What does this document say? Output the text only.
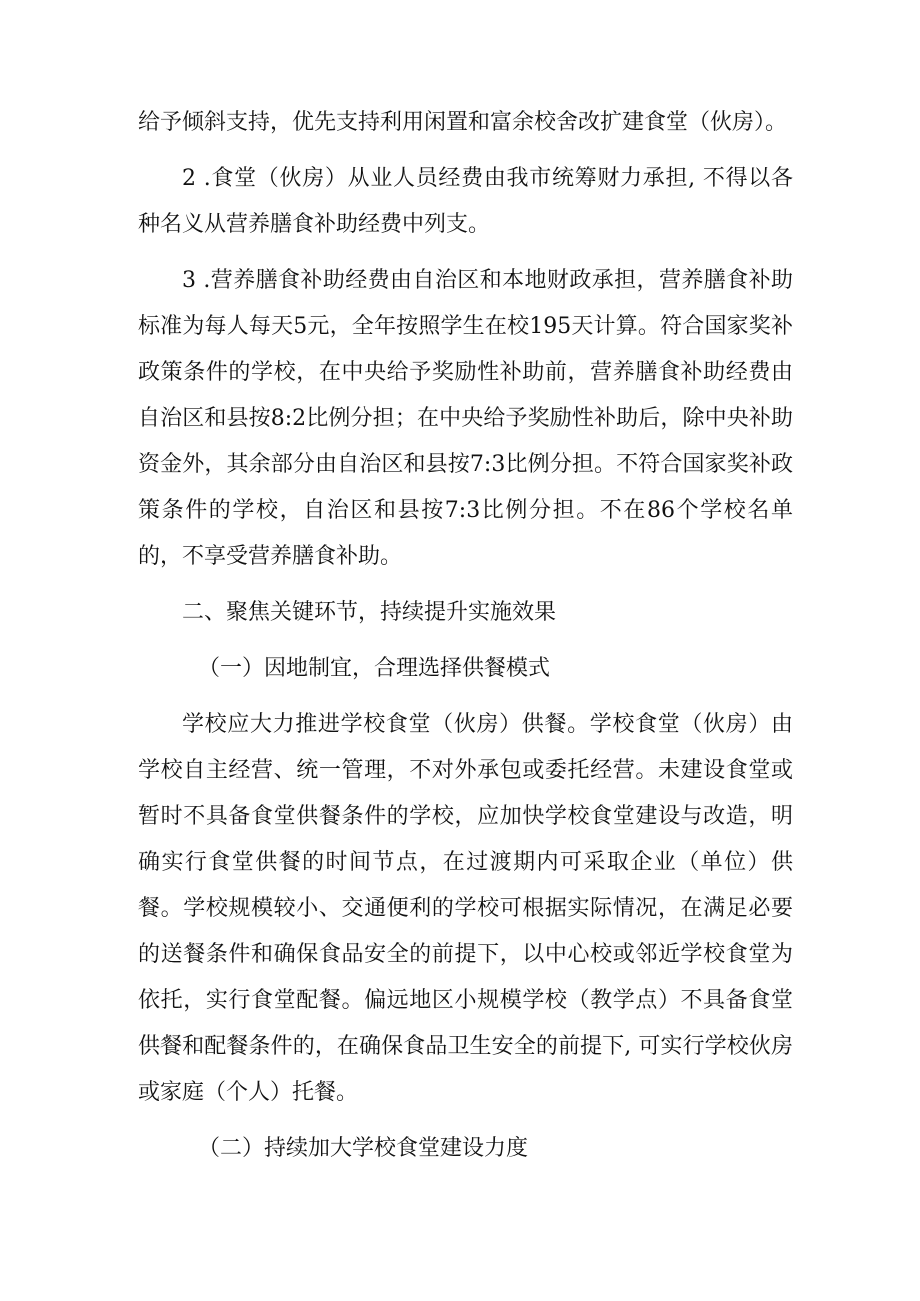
给予倾斜支持，优先支持利用闲置和富余校舍改扩建食堂（伙房）。

2 .食堂（伙房）从业人员经费由我市统筹财力承担, 不得以各种名义从营养膳食补助经费中列支。

3 .营养膳食补助经费由自治区和本地财政承担，营养膳食补助标准为每人每天5元，全年按照学生在校195天计算。符合国家奖补政策条件的学校，在中央给予奖励性补助前，营养膳食补助经费由自治区和县按8:2比例分担；在中央给予奖励性补助后，除中央补助资金外，其余部分由自治区和县按7:3比例分担。不符合国家奖补政策条件的学校，自治区和县按7:3比例分担。不在86个学校名单的，不享受营养膳食补助。

二、聚焦关键环节，持续提升实施效果

（一）因地制宜，合理选择供餐模式

学校应大力推进学校食堂（伙房）供餐。学校食堂（伙房）由学校自主经营、统一管理，不对外承包或委托经营。未建设食堂或暂时不具备食堂供餐条件的学校，应加快学校食堂建设与改造，明确实行食堂供餐的时间节点，在过渡期内可采取企业（单位）供餐。学校规模较小、交通便利的学校可根据实际情况，在满足必要的送餐条件和确保食品安全的前提下，以中心校或邻近学校食堂为依托，实行食堂配餐。偏远地区小规模学校（教学点）不具备食堂供餐和配餐条件的，在确保食品卫生安全的前提下, 可实行学校伙房或家庭（个人）托餐。

（二）持续加大学校食堂建设力度
